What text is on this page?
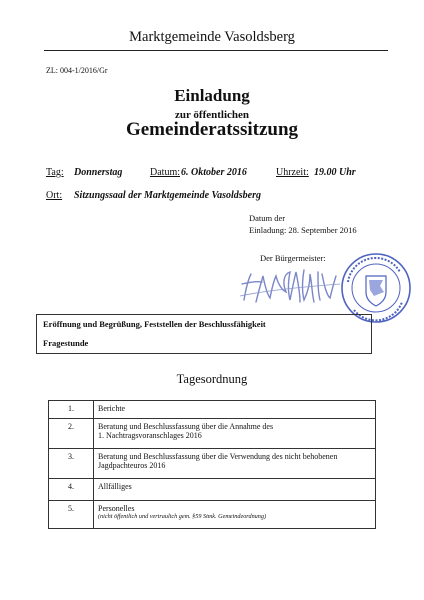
Marktgemeinde Vasoldsberg
ZL: 004-1/2016/Gr
Einladung
zur öffentlichen
Gemeinderatssitzung
Tag: Donnerstag	Datum: 6. Oktober 2016	Uhrzeit: 19.00 Uhr
Ort: Sitzungssaal der Marktgemeinde Vasoldsberg
Datum der
Einladung: 28. September 2016
Der Bürgermeister:
Eröffnung und Begrüßung, Feststellen der Beschlussfähigkeit
Fragestunde
Tagesordnung
1.	Berichte
2.	Beratung und Beschlussfassung über die Annahme des
1. Nachtragsvoranschlages 2016

3.	Beratung und Beschlussfassung über die Verwendung des nicht behobenen
Jagdpachteuros 2016

4.	Allfälliges
5.	Personelles
(nicht öffentlich und vertraulich gem. §59 Stmk. Gemeindeordnung)
